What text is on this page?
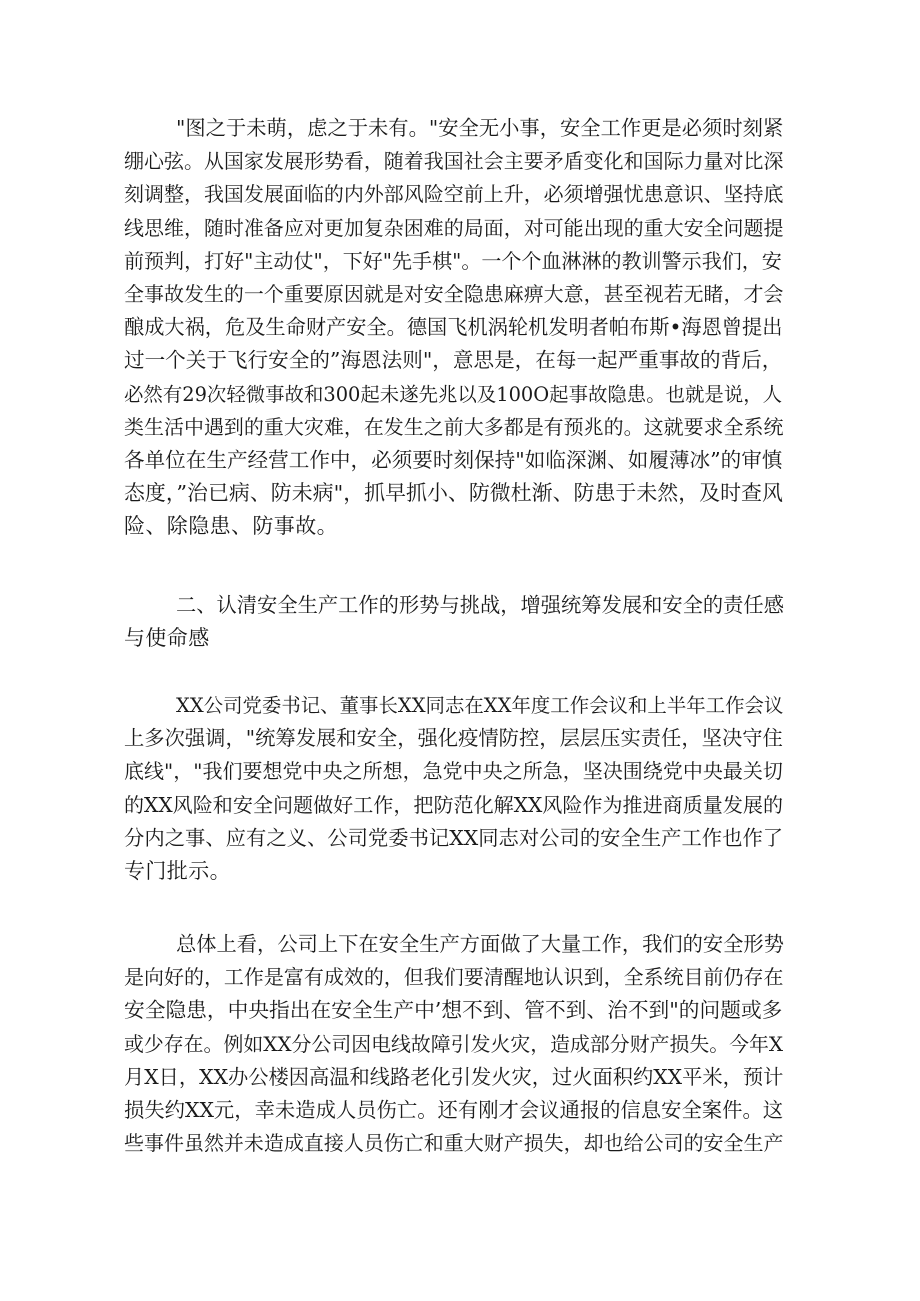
"图之于未萌，虑之于未有。"安全无小事，安全工作更是必须时刻紧
绷心弦。从国家发展形势看，随着我国社会主要矛盾变化和国际力量对比深
刻调整，我国发展面临的内外部风险空前上升，必须增强忧患意识、坚持底
线思维，随时准备应对更加复杂困难的局面，对可能出现的重大安全问题提
前预判，打好"主动仗"，下好"先手棋"。一个个血淋淋的教训警示我们，安
全事故发生的一个重要原因就是对安全隐患麻痹大意，甚至视若无睹，才会
酿成大祸，危及生命财产安全。德国飞机涡轮机发明者帕布斯•海恩曾提出
过一个关于飞行安全的”海恩法则"，意思是，在每一起严重事故的背后，
必然有29次轻微事故和300起未遂先兆以及100O起事故隐患。也就是说，人
类生活中遇到的重大灾难，在发生之前大多都是有预兆的。这就要求全系统
各单位在生产经营工作中，必须要时刻保持"如临深渊、如履薄冰”的审慎
态度，”治已病、防未病"，抓早抓小、防微杜渐、防患于未然，及时查风
险、除隐患、防事故。
二、认清安全生产工作的形势与挑战，增强统筹发展和安全的责任感
与使命感
XX公司党委书记、董事长XX同志在XX年度工作会议和上半年工作会议
上多次强调，"统筹发展和安全，强化疫情防控，层层压实责任，坚决守住
底线"，"我们要想党中央之所想，急党中央之所急，坚决围绕党中央最关切
的XX风险和安全问题做好工作，把防范化解XX风险作为推进商质量发展的
分内之事、应有之义、公司党委书记XX同志对公司的安全生产工作也作了
专门批示。
总体上看，公司上下在安全生产方面做了大量工作，我们的安全形势
是向好的，工作是富有成效的，但我们要清醒地认识到，全系统目前仍存在
安全隐患，中央指出在安全生产中’想不到、管不到、治不到"的问题或多
或少存在。例如XX分公司因电线故障引发火灾，造成部分财产损失。今年X
月X日，XX办公楼因高温和线路老化引发火灾，过火面积约XX平米，预计
损失约XX元，幸未造成人员伤亡。还有刚才会议通报的信息安全案件。这
些事件虽然并未造成直接人员伤亡和重大财产损失，却也给公司的安全生产
